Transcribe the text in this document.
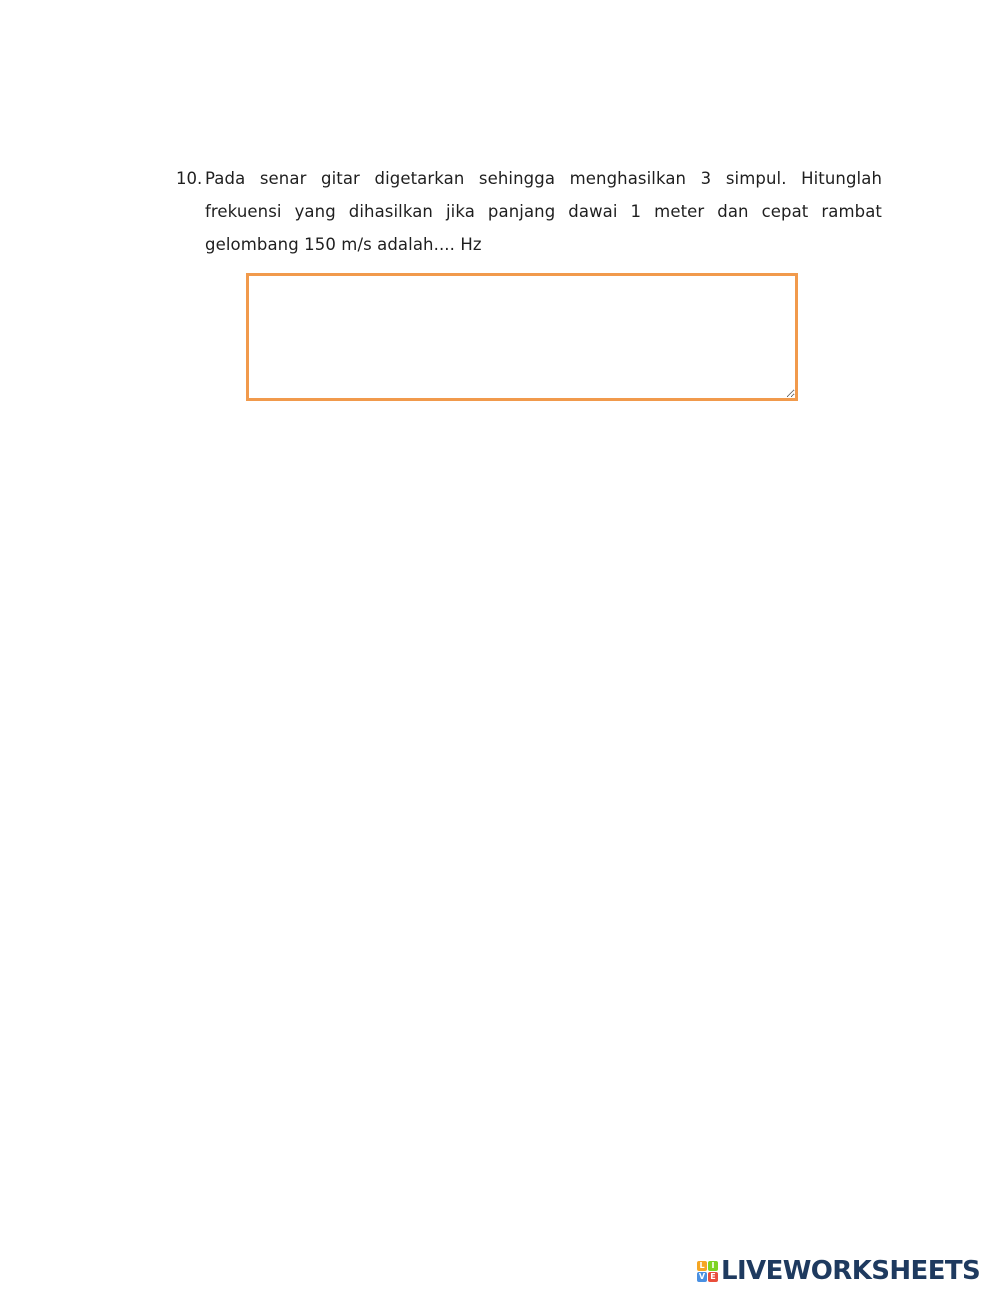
10. Pada senar gitar digetarkan sehingga menghasilkan 3 simpul. Hitunglah frekuensi yang dihasilkan jika panjang dawai 1 meter dan cepat rambat gelombang 150 m/s adalah.... Hz
L I
V E LIVEWORKSHEETS
